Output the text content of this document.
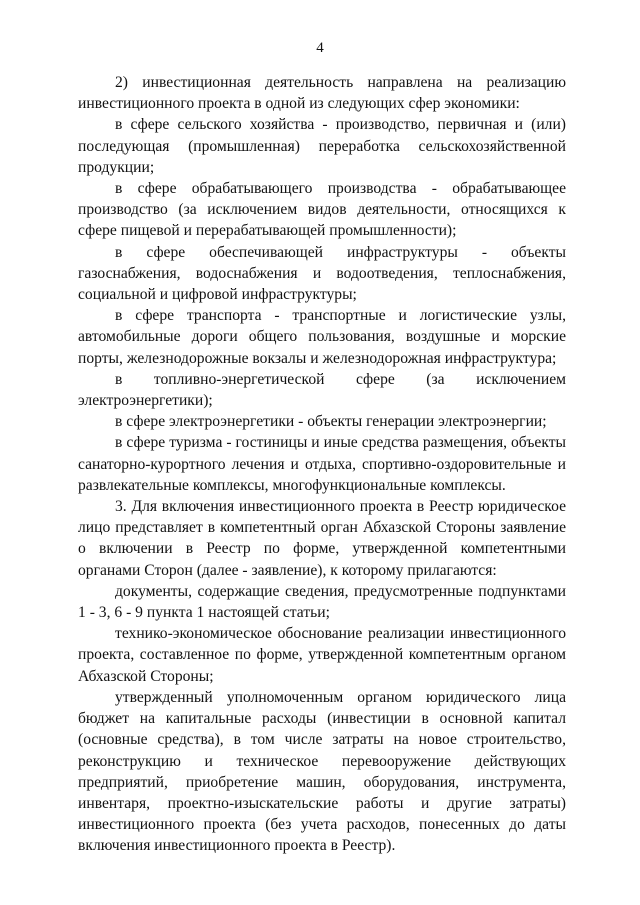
4

2) инвестиционная деятельность направлена на реализацию инвестиционного проекта в одной из следующих сфер экономики:

в сфере сельского хозяйства - производство, первичная и (или) последующая (промышленная) переработка сельскохозяйственной продукции;

в сфере обрабатывающего производства - обрабатывающее производство (за исключением видов деятельности, относящихся к сфере пищевой и перерабатывающей промышленности);

в сфере обеспечивающей инфраструктуры - объекты газоснабжения, водоснабжения и водоотведения, теплоснабжения, социальной и цифровой инфраструктуры;

в сфере транспорта - транспортные и логистические узлы, автомобильные дороги общего пользования, воздушные и морские порты, железнодорожные вокзалы и железнодорожная инфраструктура;

в топливно-энергетической сфере (за исключением электроэнергетики);

в сфере электроэнергетики - объекты генерации электроэнергии;

в сфере туризма - гостиницы и иные средства размещения, объекты санаторно-курортного лечения и отдыха, спортивно-оздоровительные и развлекательные комплексы, многофункциональные комплексы.

3. Для включения инвестиционного проекта в Реестр юридическое лицо представляет в компетентный орган Абхазской Стороны заявление о включении в Реестр по форме, утвержденной компетентными органами Сторон (далее - заявление), к которому прилагаются:

документы, содержащие сведения, предусмотренные подпунктами 1 - 3, 6 - 9 пункта 1 настоящей статьи;

технико-экономическое обоснование реализации инвестиционного проекта, составленное по форме, утвержденной компетентным органом Абхазской Стороны;

утвержденный уполномоченным органом юридического лица бюджет на капитальные расходы (инвестиции в основной капитал (основные средства), в том числе затраты на новое строительство, реконструкцию и техническое перевооружение действующих предприятий, приобретение машин, оборудования, инструмента, инвентаря, проектно-изыскательские работы и другие затраты) инвестиционного проекта (без учета расходов, понесенных до даты включения инвестиционного проекта в Реестр).
